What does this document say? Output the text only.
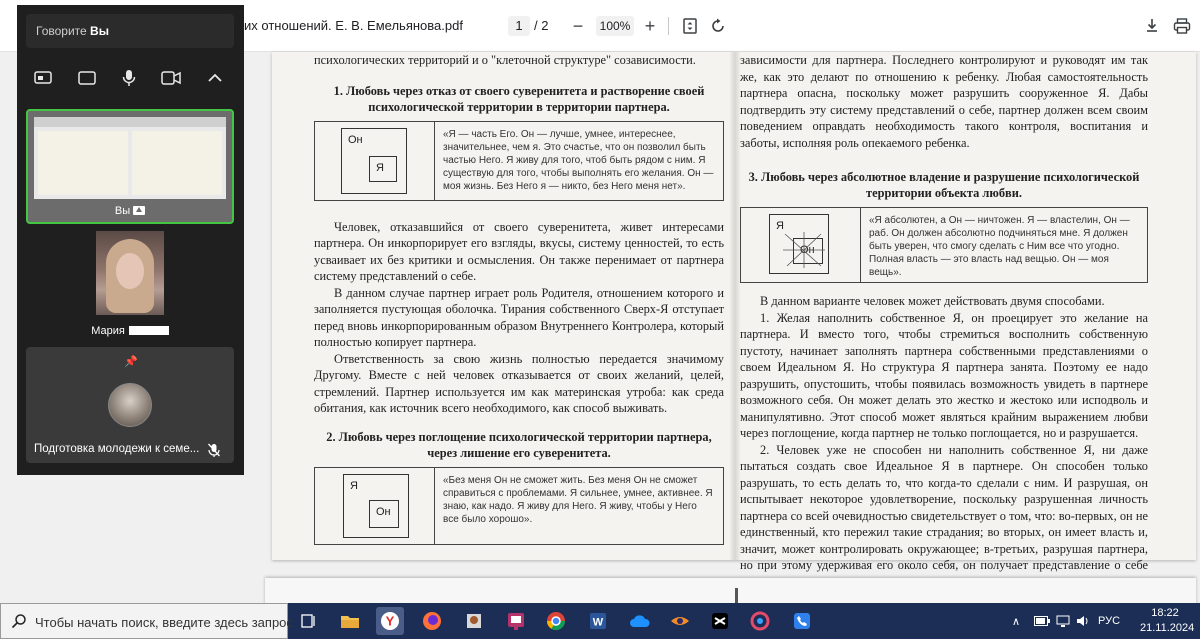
их отношений. Е. В. Емельянова.pdf	1 / 2 −	100% +

психологических территорий и о "клеточной структуре" созависимости.

1. Любовь через отказ от своего суверенитета и растворение своей психологической территории в территории партнера.
Он
Я
«Я — часть Его. Он — лучше, умнее, интереснее, значительнее, чем я. Это счастье, что он позволил быть частью Него. Я живу для того, чтоб быть рядом с ним. Я существую для того, чтобы выполнять его желания. Он — моя жизнь. Без Него я — никто, без Него меня нет».

Человек, отказавшийся от своего суверенитета, живет интересами партнера. Он инкорпорирует его взгляды, вкусы, систему ценностей, то есть усваивает их без критики и осмысления. Он также перенимает от партнера систему представлений о себе.

В данном случае партнер играет роль Родителя, отношением которого и заполняется пустующая оболочка. Тирания собственного Сверх-Я отступает перед вновь инкорпорированным образом Внутреннего Контролера, который полностью копирует партнера.

Ответственность за свою жизнь полностью передается значимому Другому. Вместе с ней человек отказывается от своих желаний, целей, стремлений. Партнер используется им как материнская утроба: как среда обитания, как источник всего необходимого, как способ выживать.

2. Любовь через поглощение психологической территории партнера, через лишение его суверенитета.
Я
Он
«Без меня Он не сможет жить. Без меня Он не сможет справиться с проблемами. Я сильнее, умнее, активнее. Я знаю, как надо. Я живу для Него. Я живу, чтобы у Него все было хорошо».

зависимости для партнера. Последнего контролируют и руководят им так же, как это делают по отношению к ребенку. Любая самостоятельность партнера опасна, поскольку может разрушить сооруженное Я. Дабы подтвердить эту систему представлений о себе, партнер должен всем своим поведением оправдать необходимость такого контроля, воспитания и заботы, исполняя роль опекаемого ребенка.

3. Любовь через абсолютное владение и разрушение психологической территории объекта любви.
Я
Он
«Я абсолютен, а Он — ничтожен. Я — властелин, Он — раб. Он должен абсолютно подчиняться мне. Я должен быть уверен, что смогу сделать с Ним все что угодно. Полная власть — это власть над вещью. Он — моя вещь».

В данном варианте человек может действовать двумя способами.

1. Желая наполнить собственное Я, он проецирует это желание на партнера. И вместо того, чтобы стремиться восполнить собственную пустоту, начинает заполнять партнера собственными представлениями о своем Идеальном Я. Но структура Я партнера занята. Поэтому ее надо разрушить, опустошить, чтобы появилась возможность увидеть в партнере возможного себя. Он может делать это жестко и жестоко или исподволь и манипулятивно. Этот способ может являться крайним выражением любви через поглощение, когда партнер не только поглощается, но и разрушается.

2. Человек уже не способен ни наполнить собственное Я, ни даже пытаться создать свое Идеальное Я в партнере. Он способен только разрушать, то есть делать то, что когда-то сделали с ним. И разрушая, он испытывает некоторое удовлетворение, поскольку разрушенная личность партнера со всей очевидностью свидетельствует о том, что: во-первых, он не единственный, кто пережил такие страдания; во вторых, он имеет власть и, значит, может контролировать окружающее; в-третьих, разрушая партнера, но при этому удерживая его около себя, он получает представление о себе

Говорите Вы
Вы
Мария
📌
Подготовка молодежи к семе...
Чтобы начать поиск, введите здесь запрос	Y	W	∧	РУС
18:22
21.11.2024
